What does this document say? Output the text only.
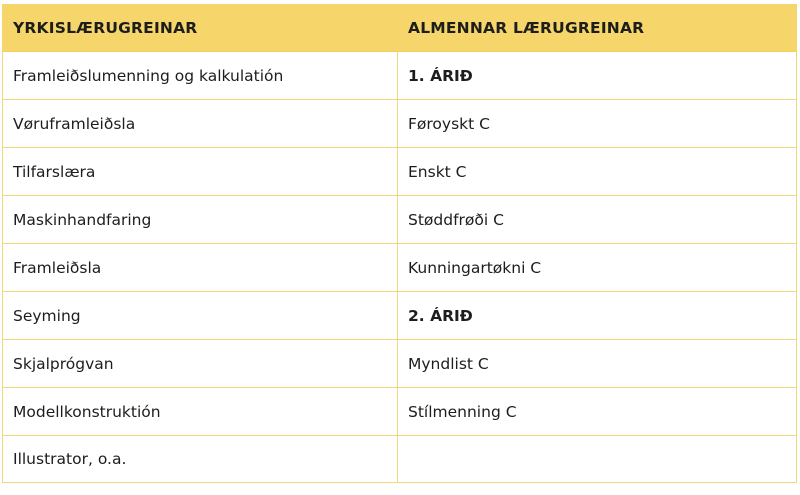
YRKISLÆRUGREINAR	ALMENNAR LÆRUGREINAR
Framleiðslumenning og kalkulatión	1. ÁRIÐ
Vøruframleiðsla	Føroyskt C
Tilfarslæra	Enskt C
Maskinhandfaring	Støddfrøði C
Framleiðsla	Kunningartøkni C
Seyming	2. ÁRIÐ
Skjalprógvan	Myndlist C
Modellkonstruktión	Stílmenning C
Illustrator, o.a.	
